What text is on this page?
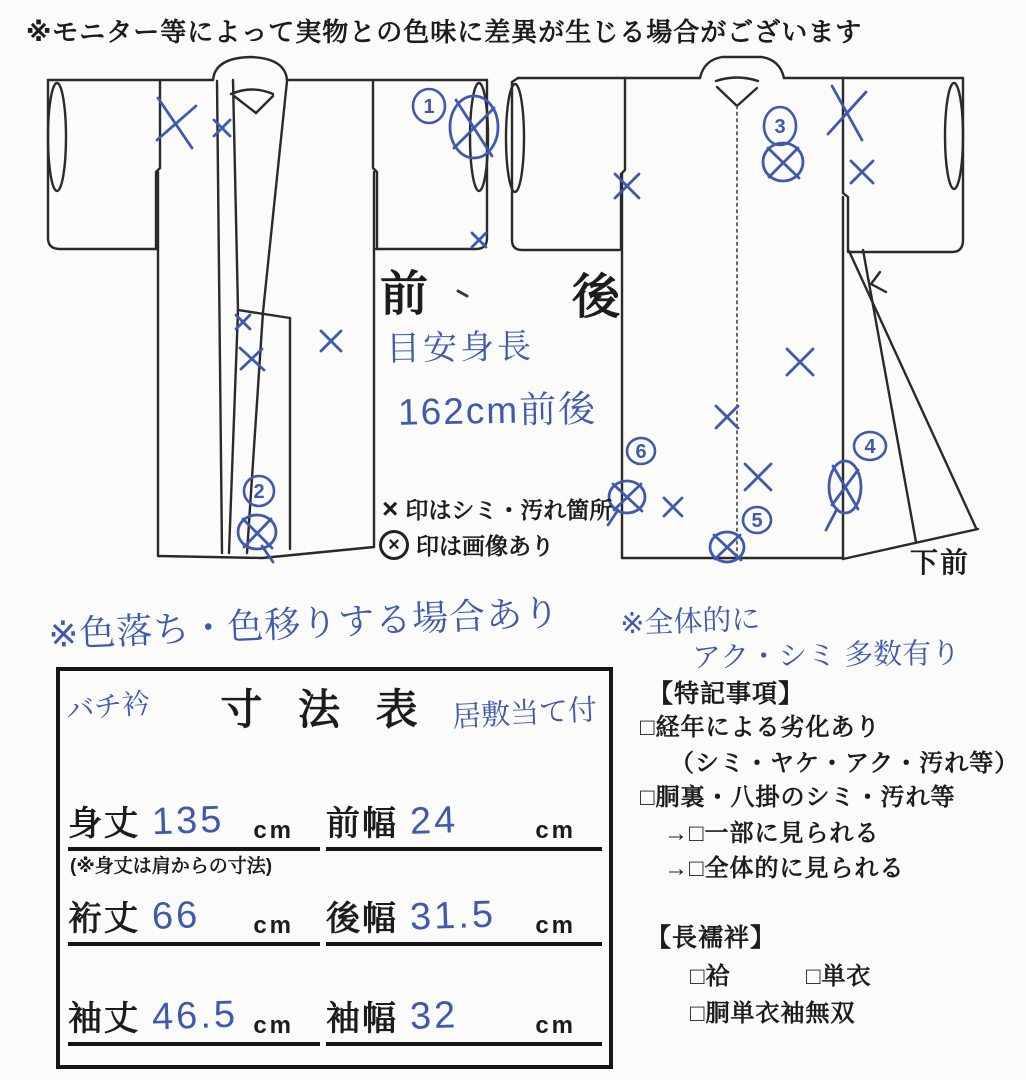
1
2
3
4
5
6
※モニター等によって実物との色味に差異が生じる場合がございます
前	後
目安身長
162cm前後
× 印はシミ・汚れ箇所
× 印は画像あり
下前
※色落ち・色移りする場合あり ※全体的に
アク・シミ 多数有り
バチ衿	寸 法 表 居敷当て付
身丈 135 cm 前幅 24	cm
(※身丈は肩からの寸法)
裄丈 66 cm 後幅 31.5 cm
袖丈 46.5 cm 袖幅 32	cm
【特記事項】
□経年による劣化あり
（シミ・ヤケ・アク・汚れ等）
□胴裏・八掛のシミ・汚れ等
→□一部に見られる
→□全体的に見られる
【長襦袢】
□袷	□単衣
□胴単衣袖無双
